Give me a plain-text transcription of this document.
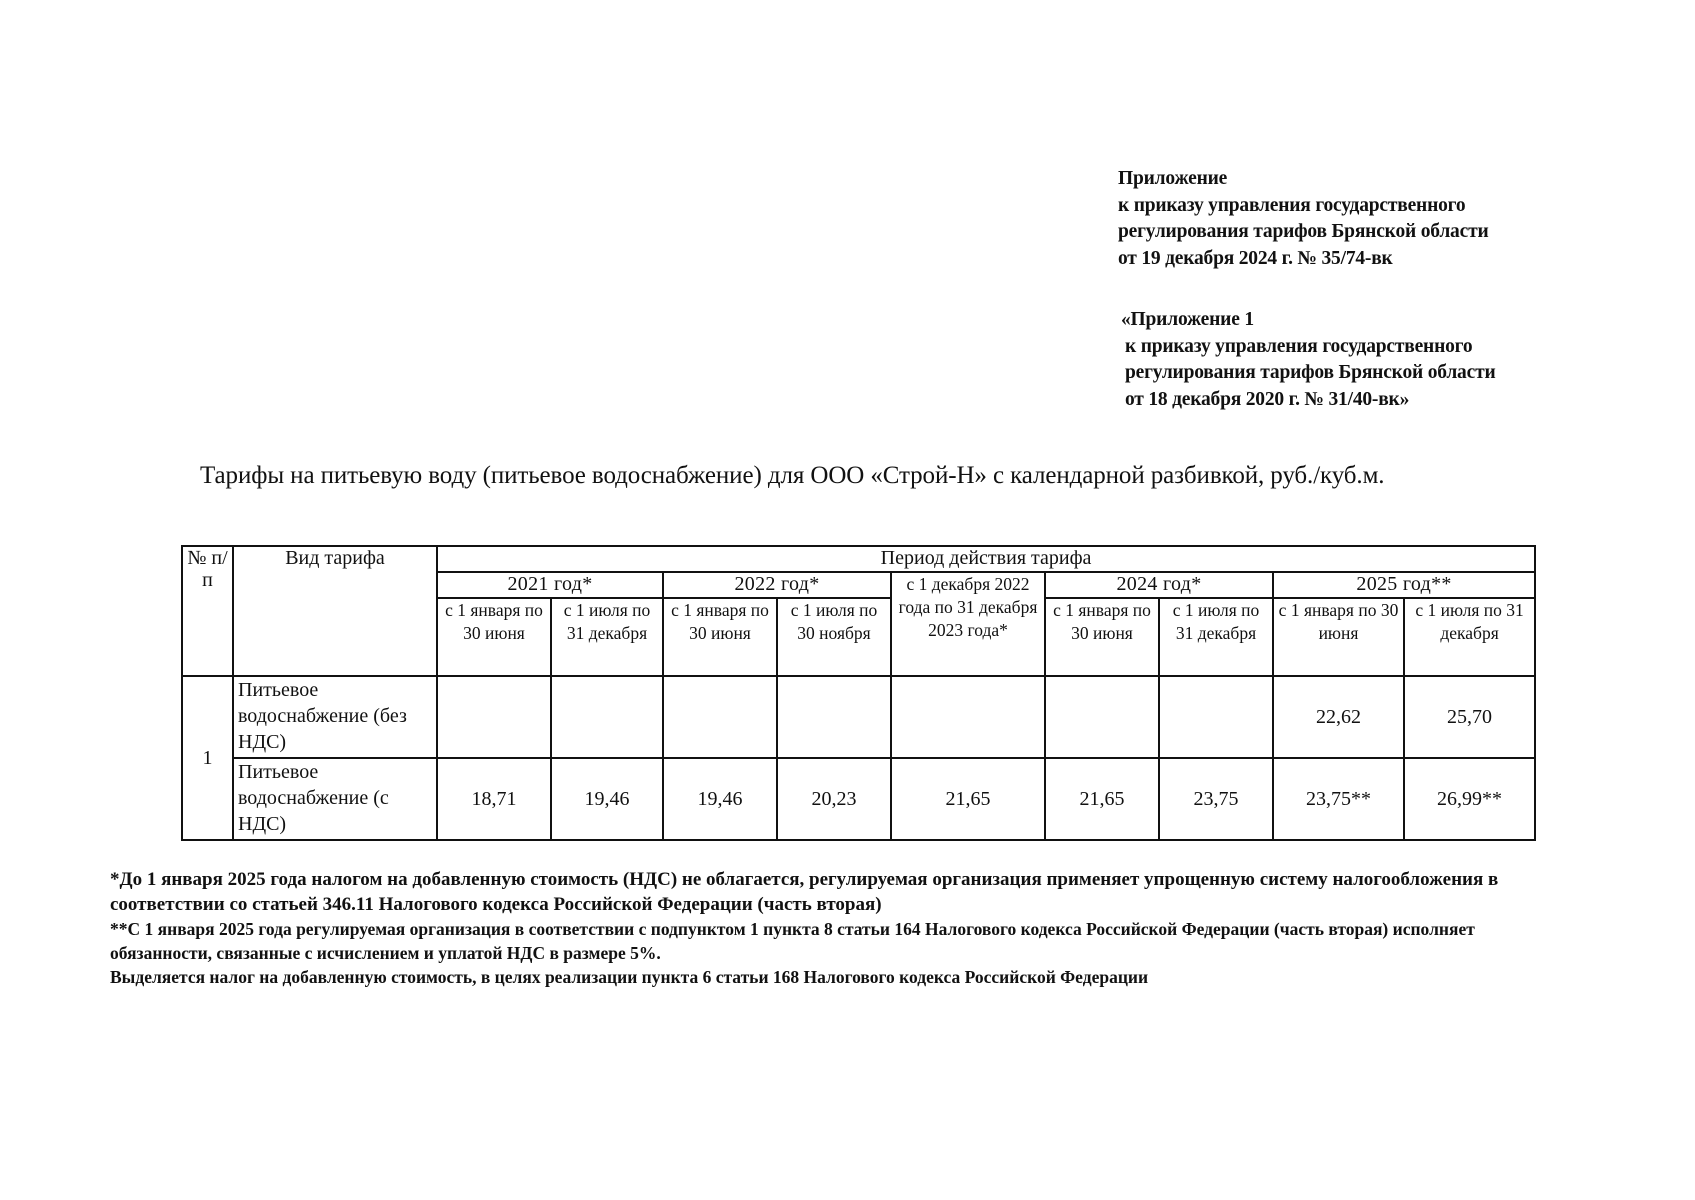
Приложение
к приказу управления государственного
регулирования тарифов Брянской области
от 19 декабря 2024 г. № 35/74-вк
«Приложение 1
к приказу управления государственного
регулирования тарифов Брянской области
от 18 декабря 2020 г. № 31/40-вк»
Тарифы на питьевую воду (питьевое водоснабжение) для ООО «Строй-Н» с календарной разбивкой, руб./куб.м.
№ п/п	Вид тарифа	Период действия тарифа								
		2021 год*		2022 год*		с 1 декабря 2022 года по 31 декабря 2023 года*	2024 год*		2025 год**	
		с 1 января по 30 июня	с 1 июля по 31 декабря	с 1 января по 30 июня	с 1 июля по 30 ноября		с 1 января по 30 июня	с 1 июля по 31 декабря	с 1 января по 30 июня	с 1 июля по 31 декабря
1	Питьевое водоснабжение (без НДС)								22,62	25,70
	Питьевое водоснабжение (с НДС)	18,71	19,46	19,46	20,23	21,65	21,65	23,75	23,75**	26,99**
*До 1 января 2025 года налогом на добавленную стоимость (НДС) не облагается, регулируемая организация применяет упрощенную систему налогообложения в соответствии со статьей 346.11 Налогового кодекса Российской Федерации (часть вторая)
**С 1 января 2025 года регулируемая организация в соответствии с подпунктом 1 пункта 8 статьи 164 Налогового кодекса Российской Федерации (часть вторая) исполняет обязанности, связанные с исчислением и уплатой НДС в размере 5%.
Выделяется налог на добавленную стоимость, в целях реализации пункта 6 статьи 168 Налогового кодекса Российской Федерации
